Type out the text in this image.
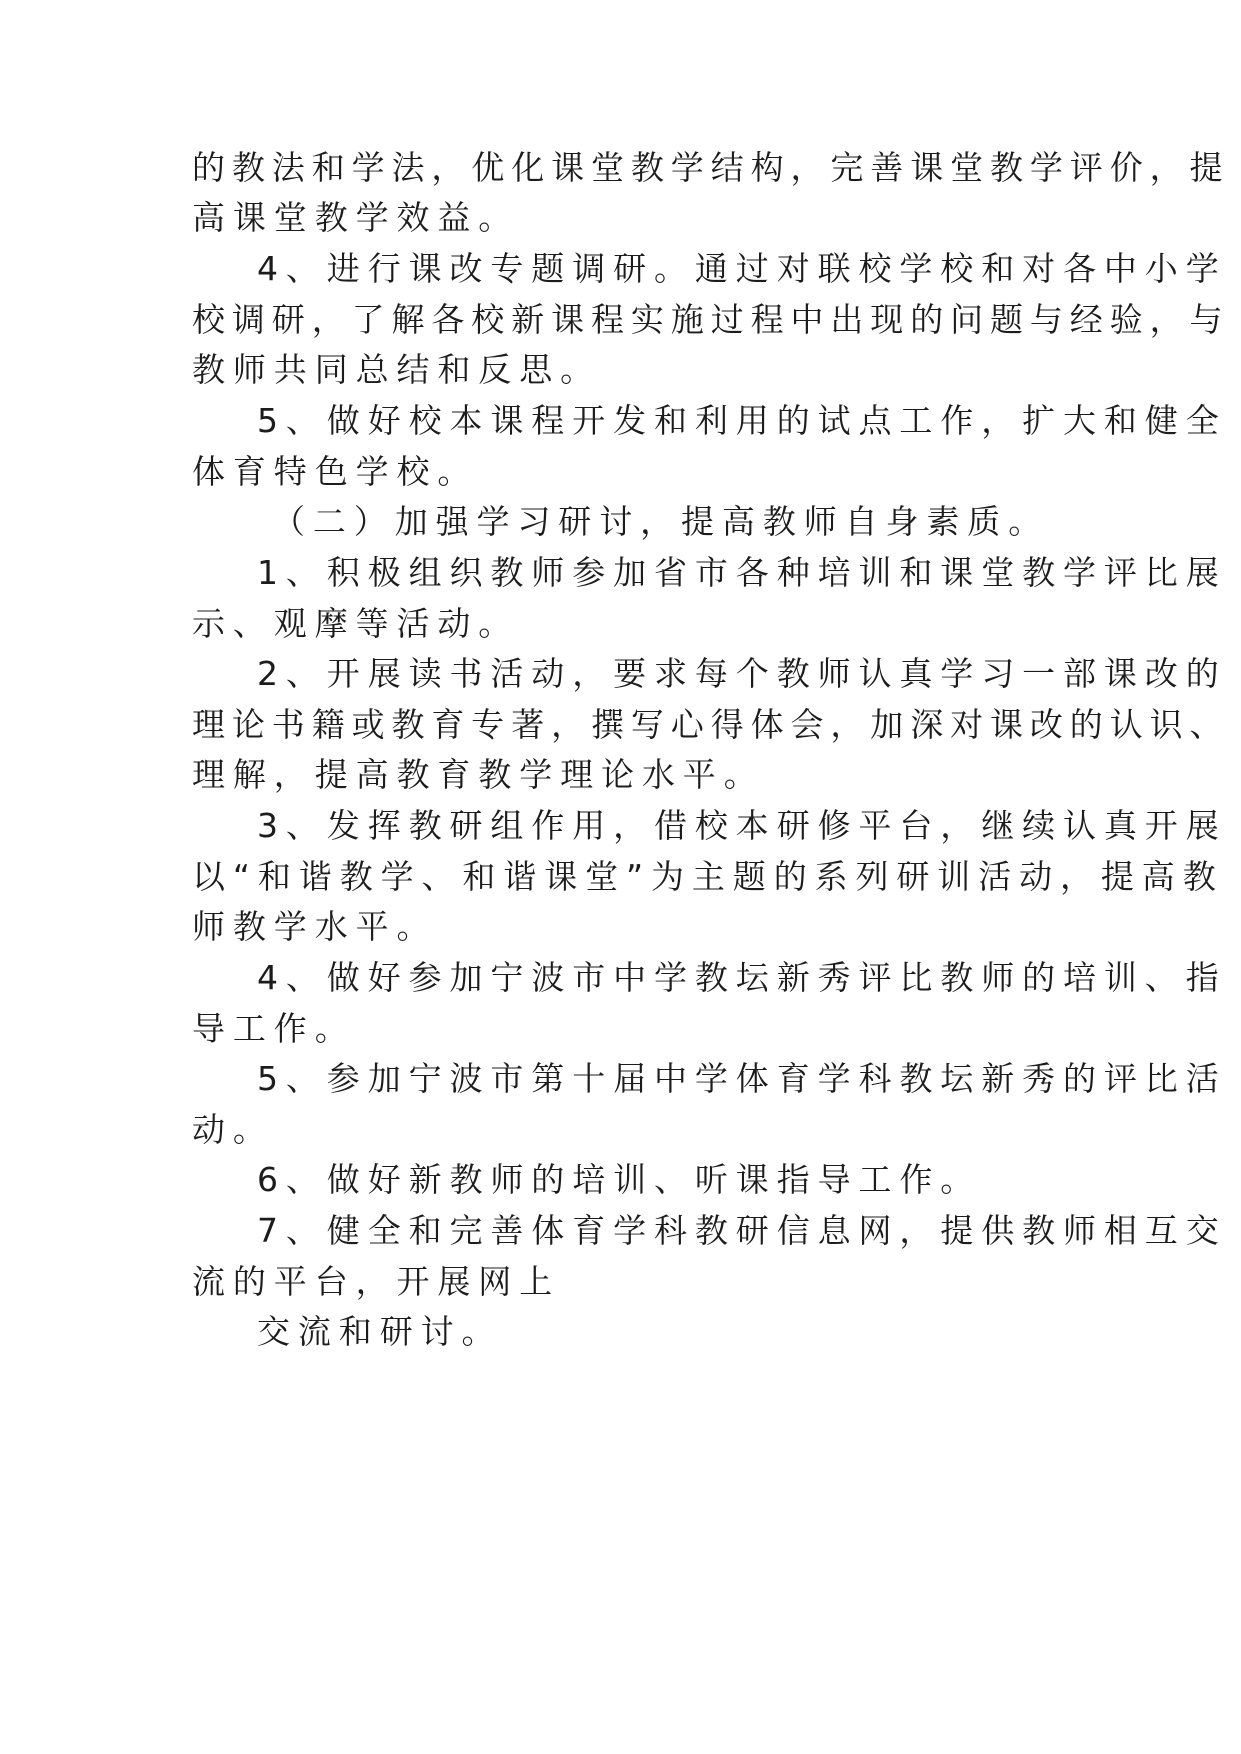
的教法和学法，优化课堂教学结构，完善课堂教学评价，提
高课堂教学效益。
4、进行课改专题调研。通过对联校学校和对各中小学
校调研，了解各校新课程实施过程中出现的问题与经验，与
教师共同总结和反思。
5、做好校本课程开发和利用的试点工作，扩大和健全
体育特色学校。
（二）加强学习研讨，提高教师自身素质。
1、积极组织教师参加省市各种培训和课堂教学评比展
示、观摩等活动。
2、开展读书活动，要求每个教师认真学习一部课改的
理论书籍或教育专著，撰写心得体会，加深对课改的认识、
理解，提高教育教学理论水平。
3、发挥教研组作用，借校本研修平台，继续认真开展
以“和谐教学、和谐课堂”为主题的系列研训活动，提高教
师教学水平。
4、做好参加宁波市中学教坛新秀评比教师的培训、指
导工作。
5、参加宁波市第十届中学体育学科教坛新秀的评比活
动。
6、做好新教师的培训、听课指导工作。
7、健全和完善体育学科教研信息网，提供教师相互交
流的平台，开展网上
交流和研讨。
